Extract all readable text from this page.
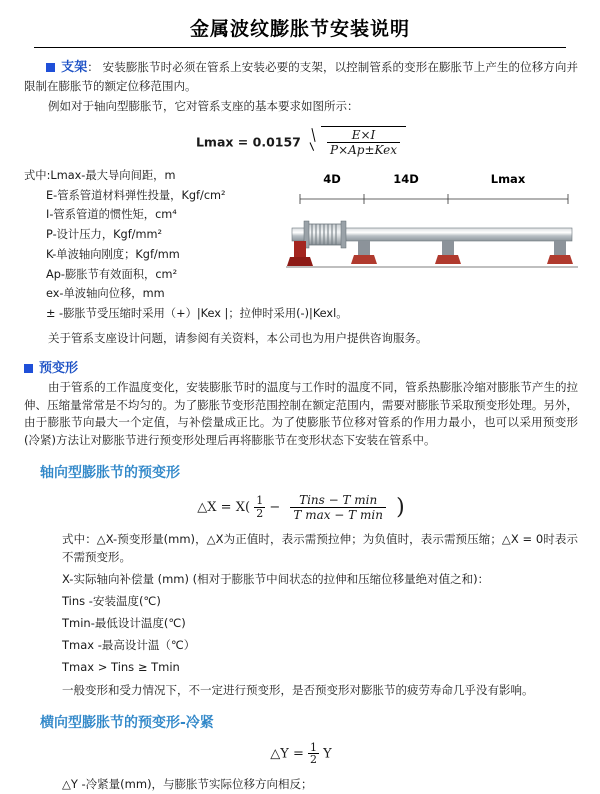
金属波纹膨胀节安装说明

支架： 安装膨胀节时必须在管系上安装必要的支架，以控制管系的变形在膨胀节上产生的位移方向并限制在膨胀节的额定位移范围内。

例如对于轴向型膨胀节，它对管系支座的基本要求如图所示：

$Lmax = 0.0157 \frac{E\times I}{\text{P×Ap±Kex}}$
4D	14D	Lmax
式中:Lmax-最大导向间距，m
E-管系管道材料弹性投量，Kgf/cm²
I-管系管道的惯性矩，cm⁴
P-设计压力，Kgf/mm²
K-单波轴向刚度；Kgf/mm
Ap-膨胀节有效面积，cm²
ex-单波轴向位移，mm
± -膨胀节受压缩时采用（+）|Kex |；拉伸时采用(-)|Kexl。

关于管系支座设计问题，请参阅有关资料，本公司也为用户提供咨询服务。

预变形

由于管系的工作温度变化，安装膨胀节时的温度与工作时的温度不同，管系热膨胀冷缩对膨胀节产生的拉伸、压缩量常常是不均匀的。为了膨胀节变形范围控制在额定范围内，需要对膨胀节采取预变形处理。另外，由于膨胀节向最大一个定值，与补偿量成正比。为了使膨胀节位移对管系的作用力最小，也可以采用预变形(冷紧)方法让对膨胀节进行预变形处理后再将膨胀节在变形状态下安装在管系中。

轴向型膨胀节的预变形
△X = $X( \frac{1}{2} - \frac{\text{Tins − T min}}{\text{T max − T min}}$ )

式中：△X-预变形量(mm)，△X为正值时，表示需预拉伸；为负值时，表示需预压缩；△X = 0时表示不需预变形。

X-实际轴向补偿量 (mm) (相对于膨胀节中间状态的拉伸和压缩位移量绝对值之和)：

Tins -安装温度(℃)

Tmin-最低设计温度(℃)

Tmax -最高设计温（℃）

Tmax > Tins ≥ Tmin

一般变形和受力情况下，不一定进行预变形，是否预变形对膨胀节的疲劳寿命几乎没有影响。

横向型膨胀节的预变形-冷紧
△Y = $\frac{1}{2}$ Y

△Y -冷紧量(mm)，与膨胀节实际位移方向相反；
